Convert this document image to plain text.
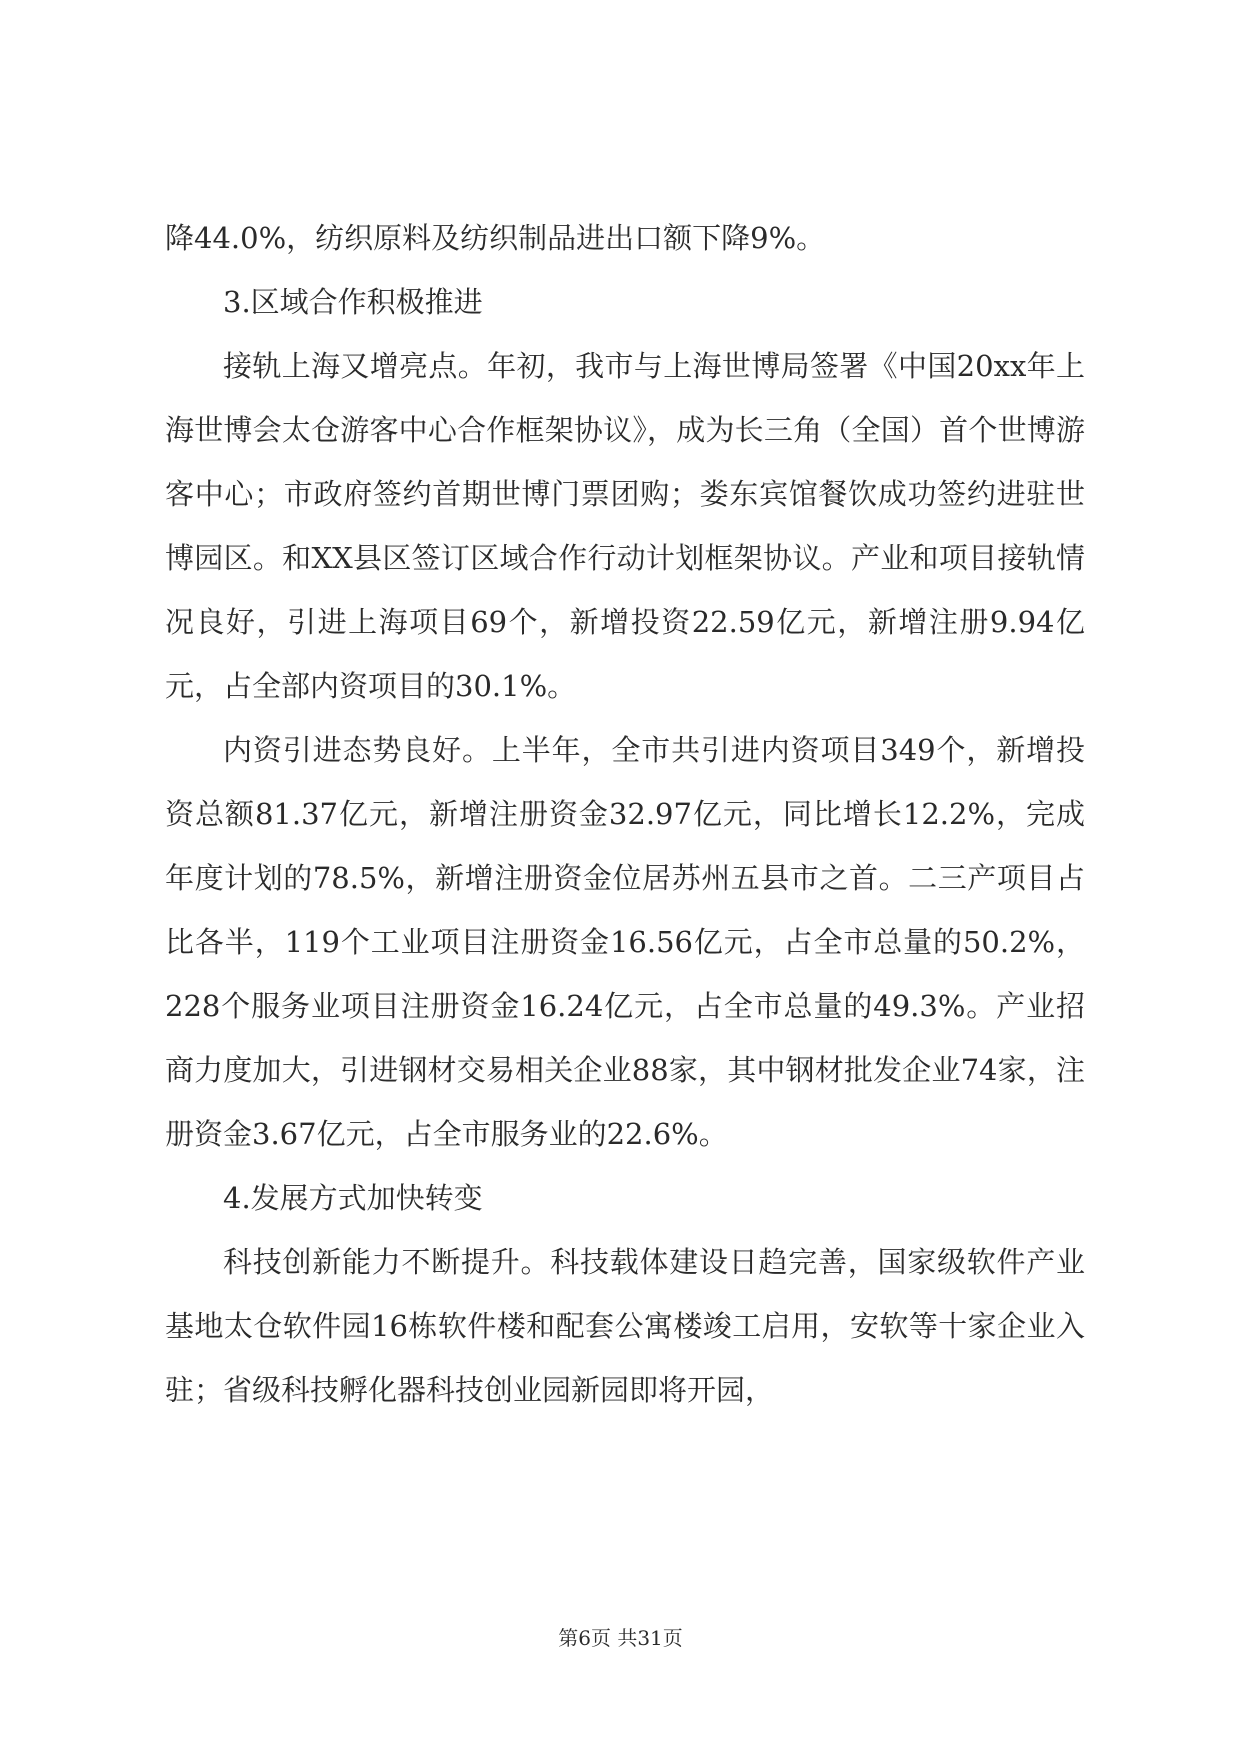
降44.0%，纺织原料及纺织制品进出口额下降9%。

3.区域合作积极推进

接轨上海又增亮点。年初，我市与上海世博局签署《中国20xx年上海世博会太仓游客中心合作框架协议》，成为长三角（全国）首个世博游客中心；市政府签约首期世博门票团购；娄东宾馆餐饮成功签约进驻世博园区。和XX县区签订区域合作行动计划框架协议。产业和项目接轨情况良好，引进上海项目69个，新增投资22.59亿元，新增注册9.94亿元，占全部内资项目的30.1%。

内资引进态势良好。上半年，全市共引进内资项目349个，新增投资总额81.37亿元，新增注册资金32.97亿元，同比增长12.2%，完成年度计划的78.5%，新增注册资金位居苏州五县市之首。二三产项目占比各半，119个工业项目注册资金16.56亿元，占全市总量的50.2%，228个服务业项目注册资金16.24亿元，占全市总量的49.3%。产业招商力度加大，引进钢材交易相关企业88家，其中钢材批发企业74家，注册资金3.67亿元，占全市服务业的22.6%。

4.发展方式加快转变

科技创新能力不断提升。科技载体建设日趋完善，国家级软件产业基地太仓软件园16栋软件楼和配套公寓楼竣工启用，安软等十家企业入驻；省级科技孵化器科技创业园新园即将开园，

第6页 共31页
